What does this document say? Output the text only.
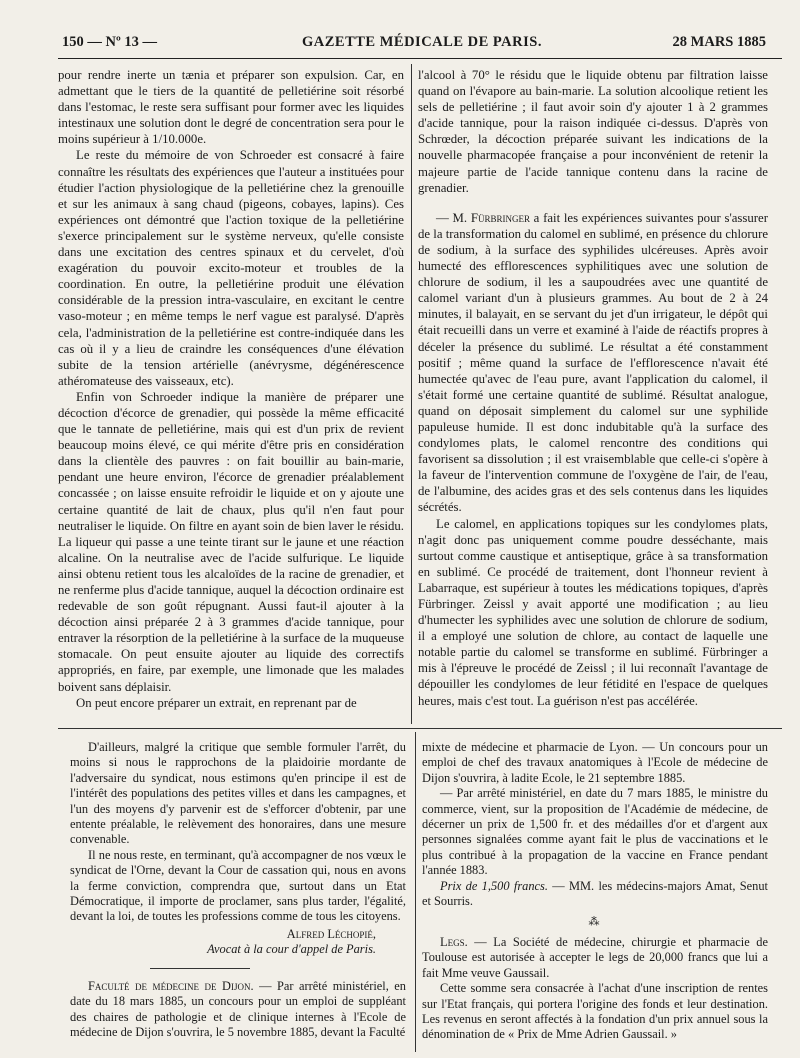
150 — Nº 13 —	GAZETTE MÉDICALE DE PARIS.	28 MARS 1885

pour rendre inerte un tænia et préparer son expulsion. Car, en admettant que le tiers de la quantité de pelletiérine soit résorbé dans l'estomac, le reste sera suffisant pour former avec les liquides intestinaux une solution dont le degré de concentration sera pour le moins supérieur à 1/10.000e.

Le reste du mémoire de von Schroeder est consacré à faire connaître les résultats des expériences que l'auteur a instituées pour étudier l'action physiologique de la pelletiérine chez la grenouille et sur les animaux à sang chaud (pigeons, cobayes, lapins). Ces expériences ont démontré que l'action toxique de la pelletiérine s'exerce principalement sur le système nerveux, qu'elle consiste dans une excitation des centres spinaux et du cervelet, d'où exagération du pouvoir excito-moteur et troubles de la coordination. En outre, la pelletiérine produit une élévation considérable de la pression intra-vasculaire, en excitant le centre vaso-moteur ; en même temps le nerf vague est paralysé. D'après cela, l'administration de la pelletiérine est contre-indiquée dans les cas où il y a lieu de craindre les conséquences d'une élévation subite de la tension artérielle (anévrysme, dégénérescence athéromateuse des vaisseaux, etc).

Enfin von Schroeder indique la manière de préparer une décoction d'écorce de grenadier, qui possède la même efficacité que le tannate de pelletiérine, mais qui est d'un prix de revient beaucoup moins élevé, ce qui mérite d'être pris en considération dans la clientèle des pauvres : on fait bouillir au bain-marie, pendant une heure environ, l'écorce de grenadier préalablement concassée ; on laisse ensuite refroidir le liquide et on y ajoute une certaine quantité de lait de chaux, plus qu'il n'en faut pour neutraliser le liquide. On filtre en ayant soin de bien laver le résidu. La liqueur qui passe a une teinte tirant sur le jaune et une réaction alcaline. On la neutralise avec de l'acide sulfurique. Le liquide ainsi obtenu retient tous les alcaloïdes de la racine de grenadier, et ne renferme plus d'acide tannique, auquel la décoction ordinaire est redevable de son goût répugnant. Aussi faut-il ajouter à la décoction ainsi préparée 2 à 3 grammes d'acide tannique, pour entraver la résorption de la pelletiérine à la surface de la muqueuse stomacale. On peut ensuite ajouter au liquide des correctifs appropriés, en faire, par exemple, une limonade que les malades boivent sans déplaisir.

On peut encore préparer un extrait, en reprenant par de

l'alcool à 70° le résidu que le liquide obtenu par filtration laisse quand on l'évapore au bain-marie. La solution alcoolique retient les sels de pelletiérine ; il faut avoir soin d'y ajouter 1 à 2 grammes d'acide tannique, pour la raison indiquée ci-dessus. D'après von Schrœder, la décoction préparée suivant les indications de la nouvelle pharmacopée française a pour inconvénient de retenir la majeure partie de l'acide tannique contenu dans la racine de grenadier.

— M. Fürbringer a fait les expériences suivantes pour s'assurer de la transformation du calomel en sublimé, en présence du chlorure de sodium, à la surface des syphilides ulcéreuses. Après avoir humecté des efflorescences syphilitiques avec une solution de chlorure de sodium, il les a saupoudrées avec une quantité de calomel variant d'un à plusieurs grammes. Au bout de 2 à 24 minutes, il balayait, en se servant du jet d'un irrigateur, le dépôt qui était recueilli dans un verre et examiné à l'aide de réactifs propres à déceler la présence du sublimé. Le résultat a été constamment positif ; même quand la surface de l'efflorescence n'avait été humectée qu'avec de l'eau pure, avant l'application du calomel, il s'était formé une certaine quantité de sublimé. Résultat analogue, quand on déposait simplement du calomel sur une syphilide papuleuse humide. Il est donc indubitable qu'à la surface des condylomes plats, le calomel rencontre des conditions qui favorisent sa dissolution ; il est vraisemblable que celle-ci s'opère à la faveur de l'intervention commune de l'oxygène de l'air, de l'eau, de l'albumine, des acides gras et des sels contenus dans les liquides sécrétés.

Le calomel, en applications topiques sur les condylomes plats, n'agit donc pas uniquement comme poudre desséchante, mais surtout comme caustique et antiseptique, grâce à sa transformation en sublimé. Ce procédé de traitement, dont l'honneur revient à Labarraque, est supérieur à toutes les médications topiques, d'après Fürbringer. Zeissl y avait apporté une modification ; au lieu d'humecter les syphilides avec une solution de chlorure de sodium, il a employé une solution de chlore, au contact de laquelle une notable partie du calomel se transforme en sublimé. Fürbringer a mis à l'épreuve le procédé de Zeissl ; il lui reconnaît l'avantage de dépouiller les condylomes de leur fétidité en l'espace de quelques heures, mais c'est tout. La guérison n'est pas accélérée.

D'ailleurs, malgré la critique que semble formuler l'arrêt, du moins si nous le rapprochons de la plaidoirie mordante de l'adversaire du syndicat, nous estimons qu'en principe il est de l'intérêt des populations des petites villes et dans les campagnes, et l'un des moyens d'y parvenir est de s'efforcer d'obtenir, par une entente préalable, le relèvement des honoraires, dans une mesure convenable.

Il ne nous reste, en terminant, qu'à accompagner de nos vœux le syndicat de l'Orne, devant la Cour de cassation qui, nous en avons la ferme conviction, comprendra que, surtout dans un Etat Démocratique, il importe de proclamer, sans plus tarder, l'égalité, devant la loi, de toutes les professions comme de tous les citoyens.

Alfred Léchopié,
Avocat à la cour d'appel de Paris.

Faculté de médecine de Dijon. — Par arrêté ministériel, en date du 18 mars 1885, un concours pour un emploi de suppléant des chaires de pathologie et de clinique internes à l'Ecole de médecine de Dijon s'ouvrira, le 5 novembre 1885, devant la Faculté

mixte de médecine et pharmacie de Lyon. — Un concours pour un emploi de chef des travaux anatomiques à l'Ecole de médecine de Dijon s'ouvrira, à ladite Ecole, le 21 septembre 1885.

— Par arrêté ministériel, en date du 7 mars 1885, le ministre du commerce, vient, sur la proposition de l'Académie de médecine, de décerner un prix de 1,500 fr. et des médailles d'or et d'argent aux personnes signalées comme ayant fait le plus de vaccinations et le plus contribué à la propagation de la vaccine en France pendant l'année 1883.

Prix de 1,500 francs. — MM. les médecins-majors Amat, Senut et Sourris.

⁂

Legs. — La Société de médecine, chirurgie et pharmacie de Toulouse est autorisée à accepter le legs de 20,000 francs que lui a fait Mme veuve Gaussail.

Cette somme sera consacrée à l'achat d'une inscription de rentes sur l'Etat français, qui portera l'origine des fonds et leur destination. Les revenus en seront affectés à la fondation d'un prix annuel sous la dénomination de « Prix de Mme Adrien Gaussail. »
